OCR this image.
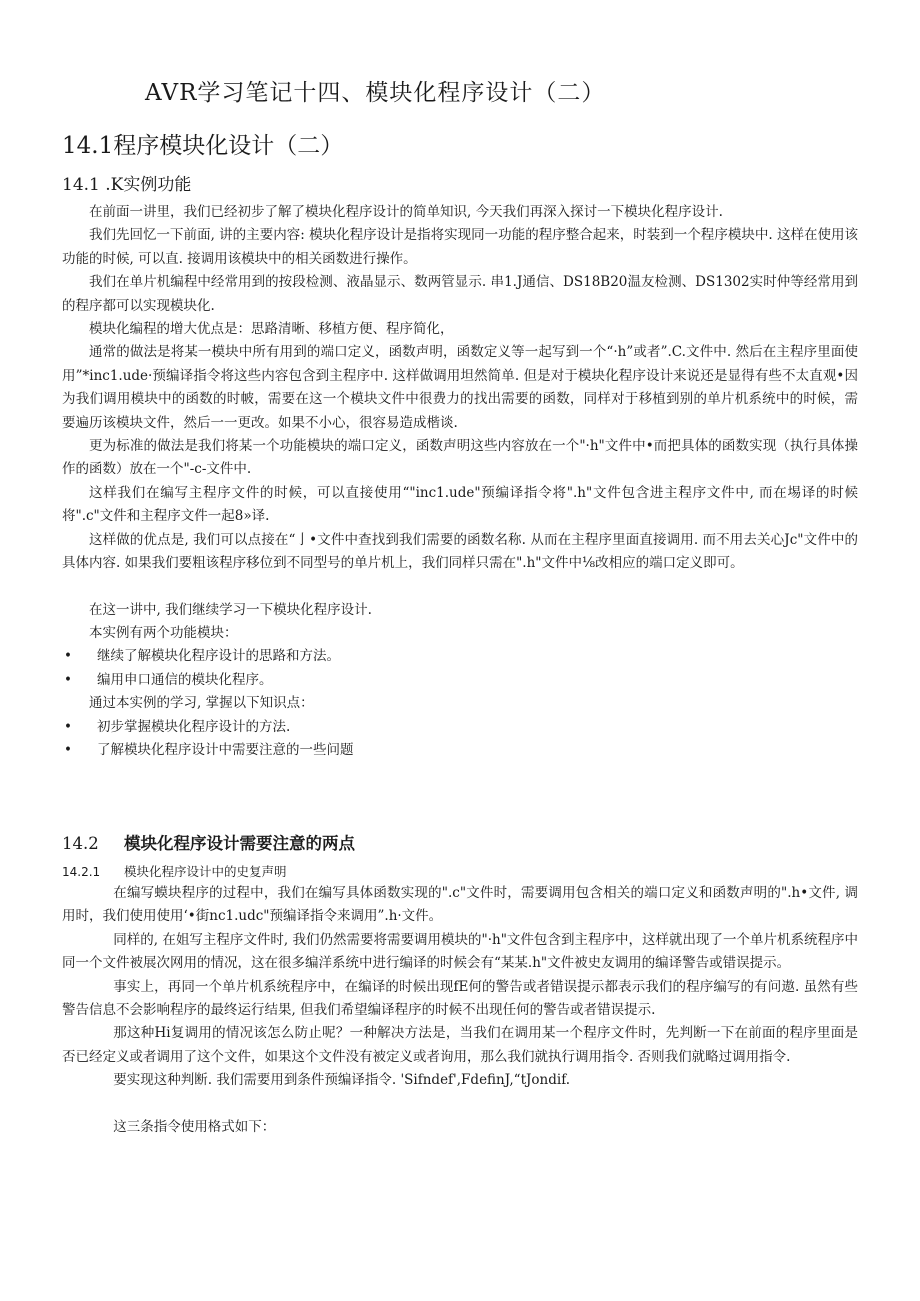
AVR学习笔记十四、模块化程序设计（二）
14.1程序模块化设计（二）
14.1 .K实例功能

在前面一讲里，我们已经初步了解了模块化程序设计的简单知识, 今天我们再深入探讨一下模块化程序设计.

我们先回忆一下前面, 讲的主要内容: 模块化程序设计是指将实现同一功能的程序整合起来，时装到一个程序模块中. 这样在使用该功能的时候, 可以直. 接调用该模块中的相关函数进行操作。

我们在单片机编程中经常用到的按段检测、液晶显示、数两管显示. 串1.J通信、DS18B20温友检测、DS1302实时仲等经常用到的程序都可以实现模块化.

模块化编程的增大优点是：思路清晰、移植方便、程序简化，

通常的做法是将某一模块中所有用到的端口定义，函数声明，函数定义等一起写到一个“·h”或者”.C.文件中. 然后在主程序里面使用”*inc1.ude·预编译指令将这些内容包含到主程序中. 这样做调用坦然简单. 但是对于模块化程序设计来说还是显得有些不太直观•因为我们调用模块中的函数的时帔，需要在这一个模块文件中很费力的找出需要的函数，同样对于移植到别的单片机系统中的时候，需要遍历该模块文件，然后一一更改。如果不小心，很容易造成楷谈.

更为标准的做法是我们将某一个功能模块的端口定义，函数声明这些内容放在一个"·h"文件中•而把具体的函数实现（执行具体操作的函数）放在一个"-c-文件中.

这样我们在编写主程序文件的时候，可以直接使用“"inc1.ude"预编译指令将".h"文件包含进主程序文件中, 而在埸译的时候将".c"文件和主程序文件一起8»译.

这样做的优点是, 我们可以点接在“亅•文件中查找到我们需要的函数名称. 从而在主程序里面直接调用. 而不用去关心Jc"文件中的具体内容. 如果我们要粗该程序移位到不同型号的单片机上，我们同样只需在".h"文件中⅛改相应的端口定义即可。

在这一讲中, 我们继续学习一下模块化程序设计.

本实例有两个功能模块：

• 继续了解模块化程序设计的思路和方法。

• 编用申口通信的模块化程序。

通过本实例的学习, 掌握以下知识点：

• 初步掌握模块化程序设计的方法.

• 了解模块化程序设计中需要注意的一些问题

14.2 模块化程序设计需要注意的两点
14.2.1 模块化程序设计中的史复声明

在编写蟆块程序的过程中，我们在编写具体函数实现的".c"文件时，需要调用包含相关的端口定义和函数声明的".h•文件, 调用时，我们使用使用‘•街nc1.udc"预编译指令来调用”.h·文件。

同样的, 在姐写主程序文件时, 我们仍然需要将需要调用模块的"·h"文件包含到主程序中，这样就出现了一个单片机系统程序中同一个文件被展次网用的情况，这在很多编洋系统中进行编译的时候会有“某某.h"文件被史友调用的编译警告或错误提示。

事实上，再同一个单片机系统程序中，在编译的时候出现fE何的警告或者错误提示都表示我们的程序编写的有问遨. 虽然有些警告信息不会影响程序的最终运行结果, 但我们希望编译程序的时候不出现任何的警告或者错误提示.

那这种Hi复调用的情况该怎么防止呢？一种解决方法是，当我们在调用某一个程序文件时，先判断一下在前面的程序里面是否已经定义或者调用了这个文件，如果这个文件没有被定义或者询用，那么我们就执行调用指令. 否则我们就略过调用指令.

要实现这种判断. 我们需要用到条件预编译指令. 'Sifndef',FdefinJ,“tJondif.

这三条指令使用格式如下：
